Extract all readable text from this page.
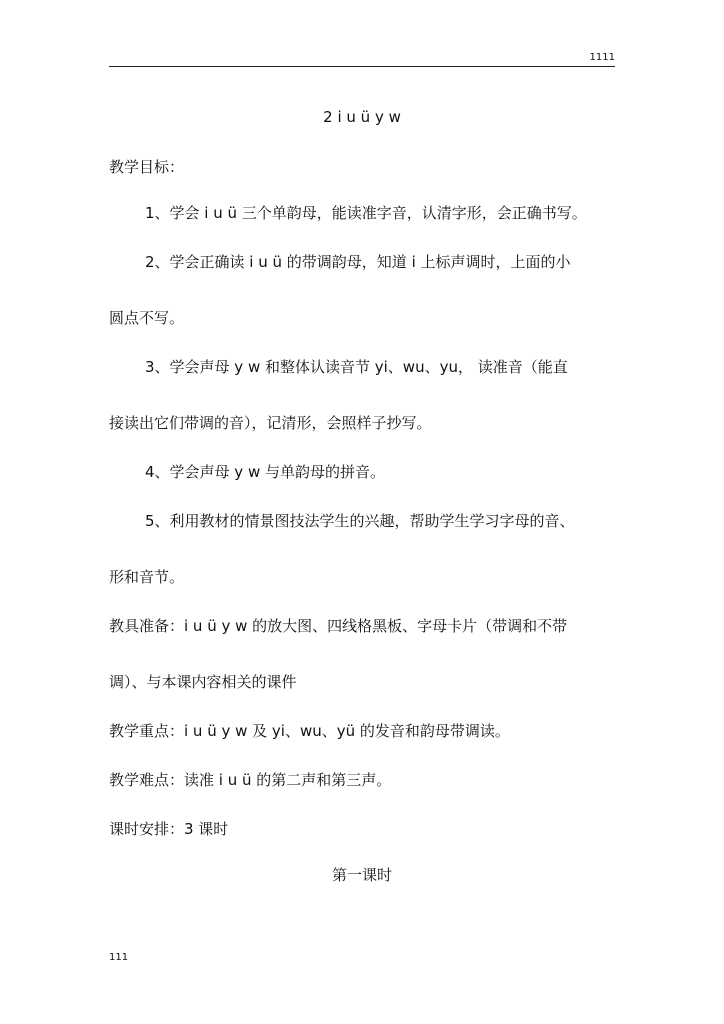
1111
2 i u ü y w
教学目标：
1、学会 i u ü 三个单韵母，能读准字音，认清字形，会正确书写。
2、学会正确读 i u ü 的带调韵母，知道 i 上标声调时，上面的小
圆点不写。
3、学会声母 y w 和整体认读音节 yi、wu、yu， 读准音（能直
接读出它们带调的音），记清形，会照样子抄写。
4、学会声母 y w 与单韵母的拼音。
5、利用教材的情景图技法学生的兴趣，帮助学生学习字母的音、
形和音节。
教具准备：i u ü y w 的放大图、四线格黑板、字母卡片（带调和不带
调）、与本课内容相关的课件
教学重点：i u ü y w 及 yi、wu、yü 的发音和韵母带调读。
教学难点：读准 i u ü 的第二声和第三声。
课时安排：3 课时
第一课时
111
